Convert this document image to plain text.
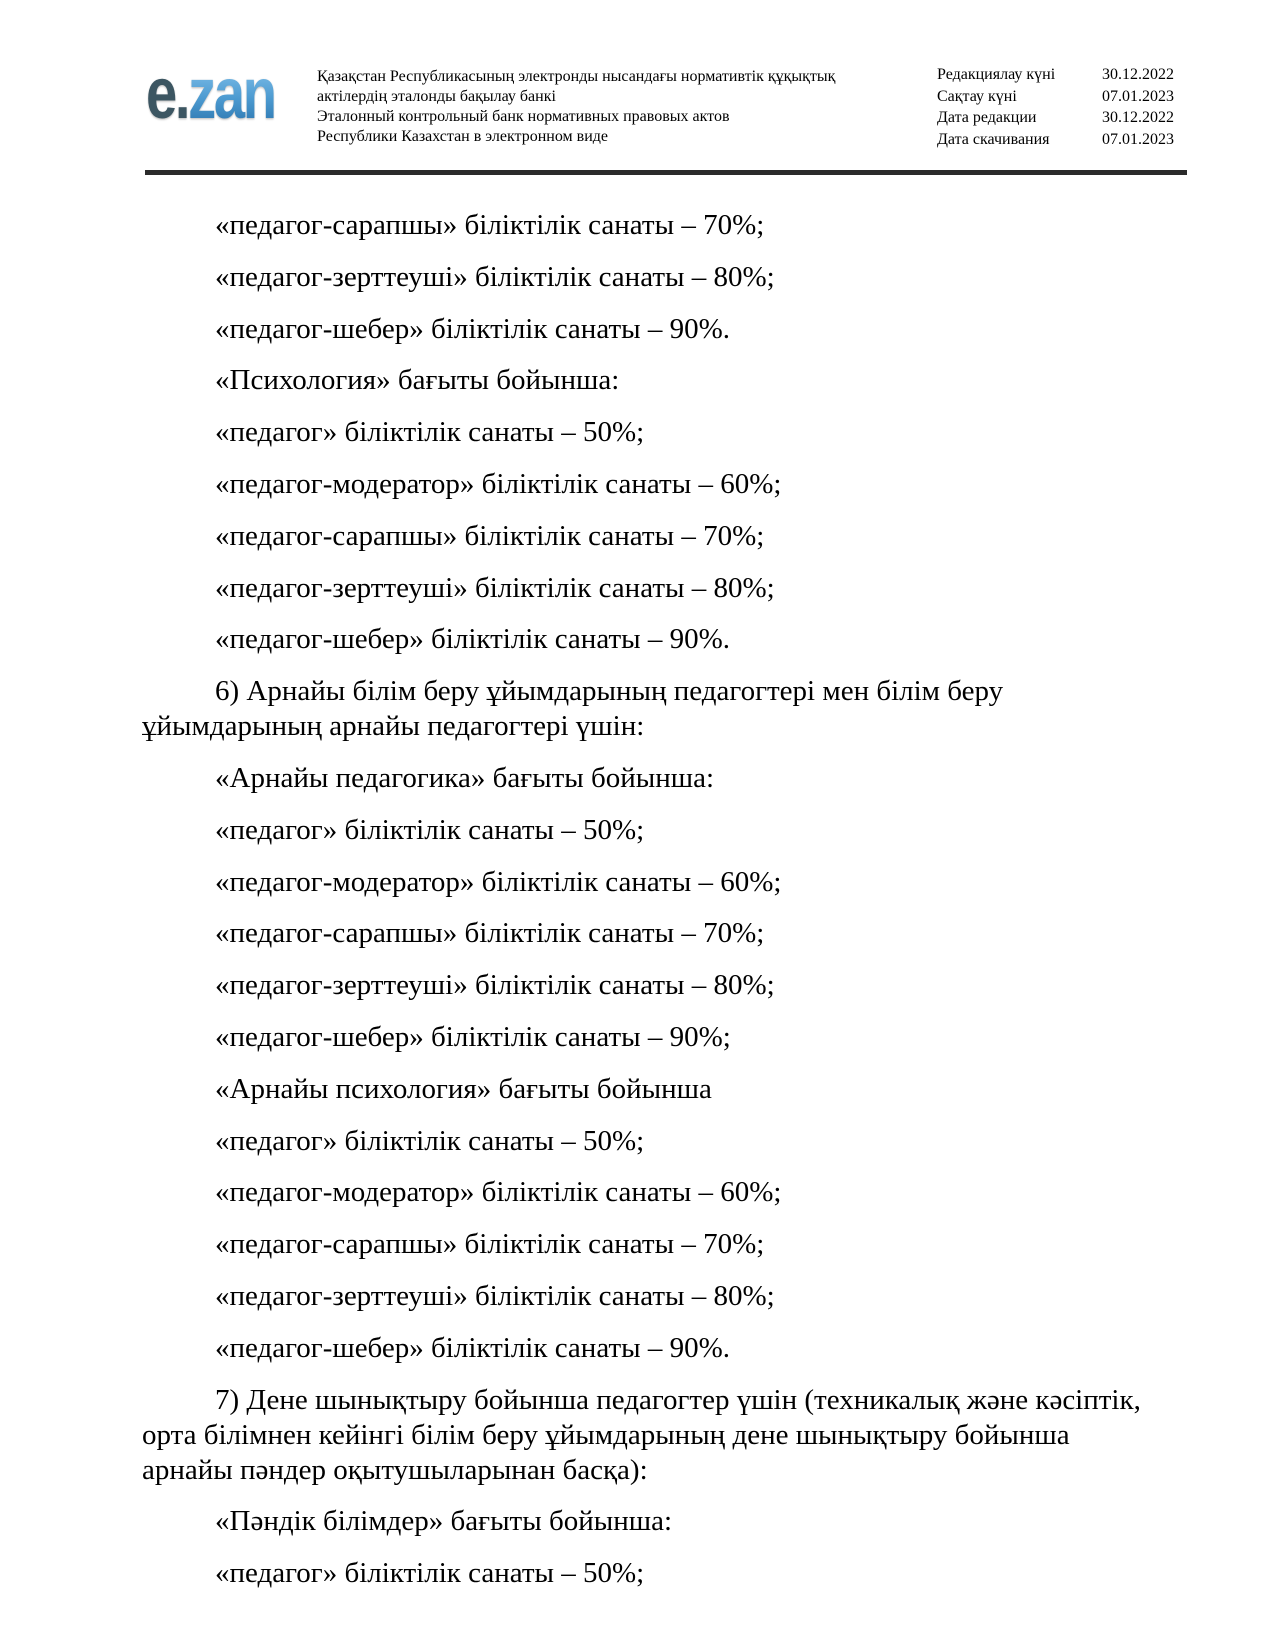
e.zan	Қазақстан Республикасының электронды нысандағы нормативтік құқықтық
актілердің эталонды бақылау банкі
Эталонный контрольный банк нормативных правовых актов
Республики Казахстан в электронном виде
Редакциялау күні	30.12.2022
Сақтау күні	07.01.2023
Дата редакции	30.12.2022
Дата скачивания	07.01.2023

«педагог-сарапшы» біліктілік санаты – 70%;

«педагог-зерттеуші» біліктілік санаты – 80%;

«педагог-шебер» біліктілік санаты – 90%.

«Психология» бағыты бойынша:

«педагог» біліктілік санаты – 50%;

«педагог-модератор» біліктілік санаты – 60%;

«педагог-сарапшы» біліктілік санаты – 70%;

«педагог-зерттеуші» біліктілік санаты – 80%;

«педагог-шебер» біліктілік санаты – 90%.

6) Арнайы білім беру ұйымдарының педагогтері мен білім беру
ұйымдарының арнайы педагогтері үшін:

«Арнайы педагогика» бағыты бойынша:

«педагог» біліктілік санаты – 50%;

«педагог-модератор» біліктілік санаты – 60%;

«педагог-сарапшы» біліктілік санаты – 70%;

«педагог-зерттеуші» біліктілік санаты – 80%;

«педагог-шебер» біліктілік санаты – 90%;

«Арнайы психология» бағыты бойынша

«педагог» біліктілік санаты – 50%;

«педагог-модератор» біліктілік санаты – 60%;

«педагог-сарапшы» біліктілік санаты – 70%;

«педагог-зерттеуші» біліктілік санаты – 80%;

«педагог-шебер» біліктілік санаты – 90%.

7) Дене шынықтыру бойынша педагогтер үшін (техникалық және кәсіптік,
орта білімнен кейінгі білім беру ұйымдарының дене шынықтыру бойынша
арнайы пәндер оқытушыларынан басқа):

«Пәндік білімдер» бағыты бойынша:

«педагог» біліктілік санаты – 50%;
